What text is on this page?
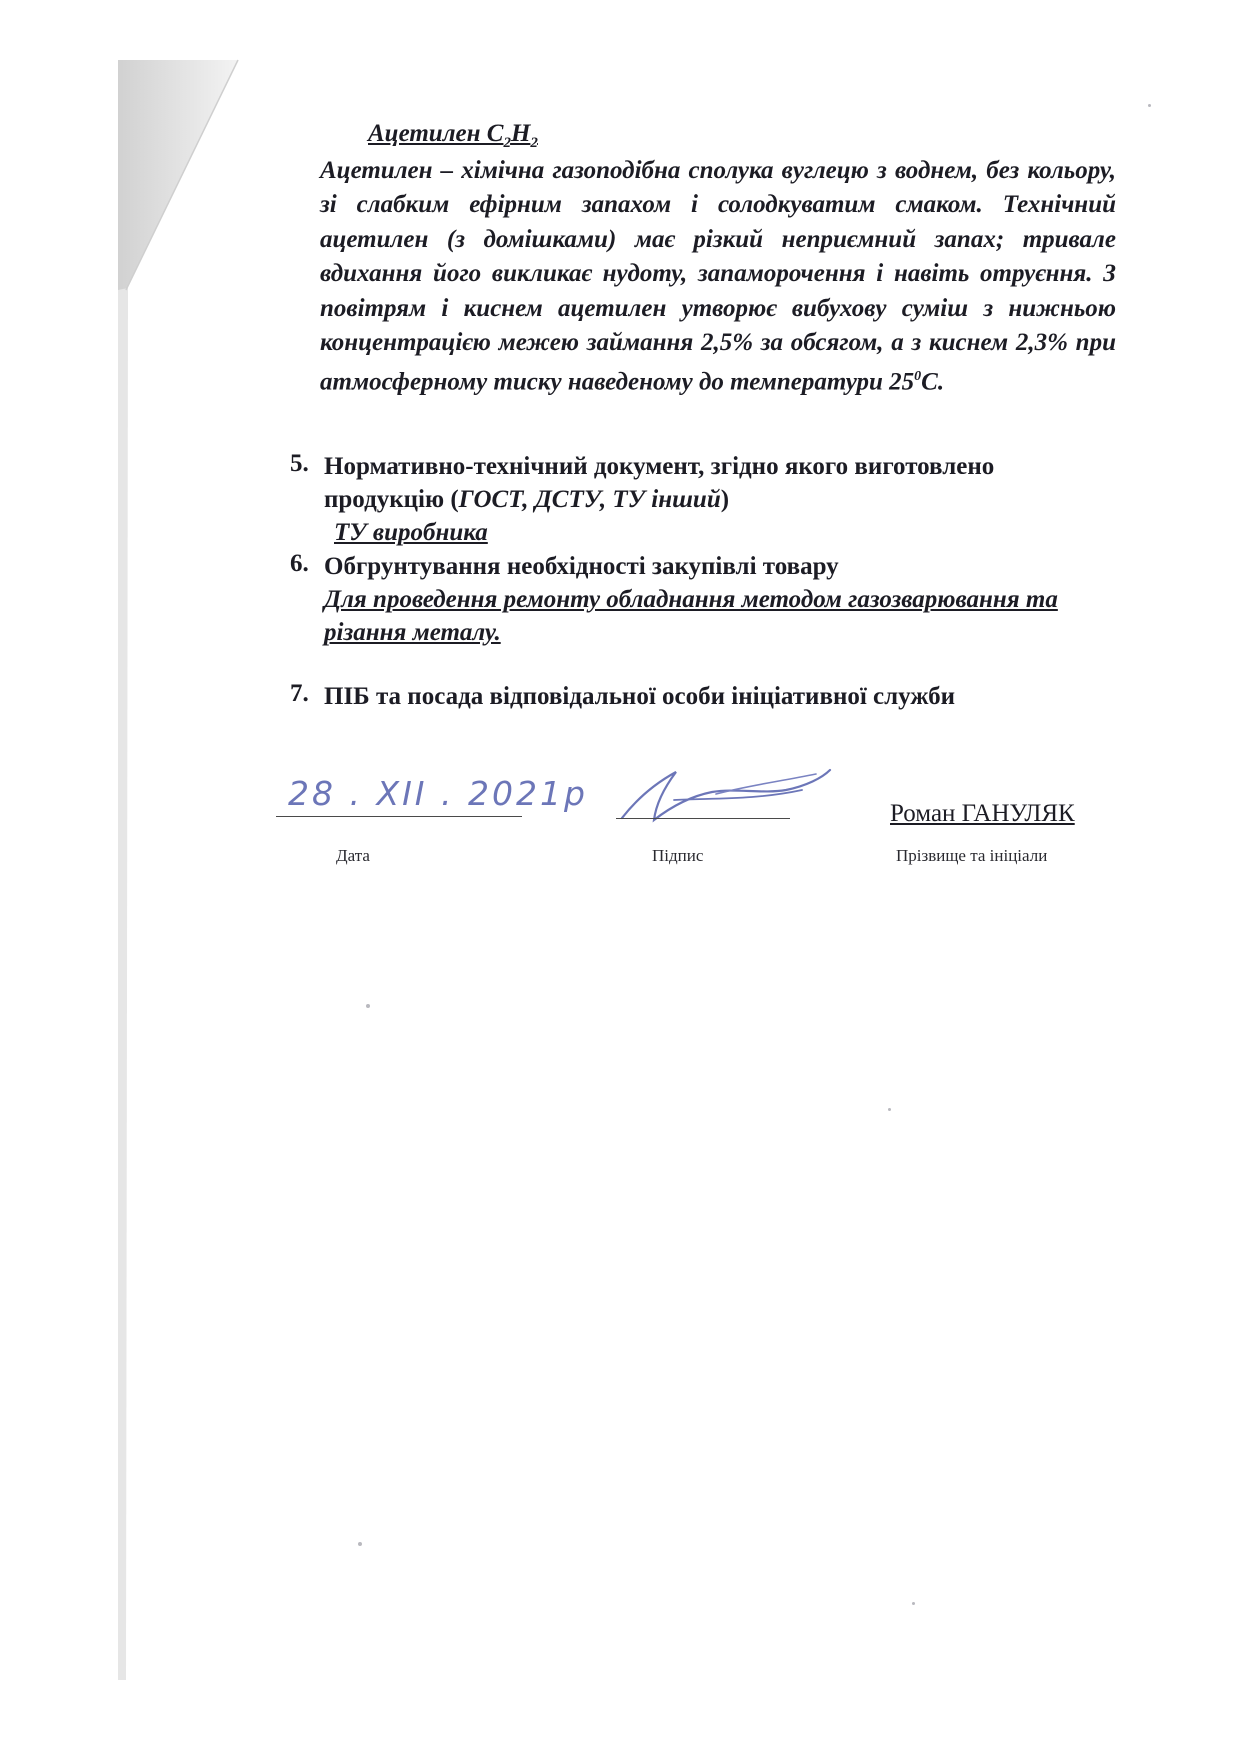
Ацетилен $С_2Н_2$

Ацетилен – хімічна газоподібна сполука вуглецю з воднем, без кольору, зі слабким ефірним запахом і солодкуватим смаком. Технічний ацетилен (з домішками) має різкий неприємний запах; тривале вдихання його викликає нудоту, запаморочення і навіть отруєння. З повітрям і киснем ацетилен утворює вибухову суміш з нижньою концентрацією межею займання 2,5% за обсягом, а з киснем 2,3% при атмосферному тиску наведеному до температури $25^0С$.

5. Нормативно-технічний документ, згідно якого виготовлено
продукцію (ГОСТ, ДСТУ, ТУ інший)
ТУ виробника
6. Обгрунтування необхідності закупівлі товару
Для проведення ремонту обладнання методом газозварювання та
різання металу.
7. ПІБ та посада відповідальної особи ініціативної служби
28 . XII . 2021р
Роман ГАНУЛЯК
Дата	Підпис	Прізвище та ініціали
